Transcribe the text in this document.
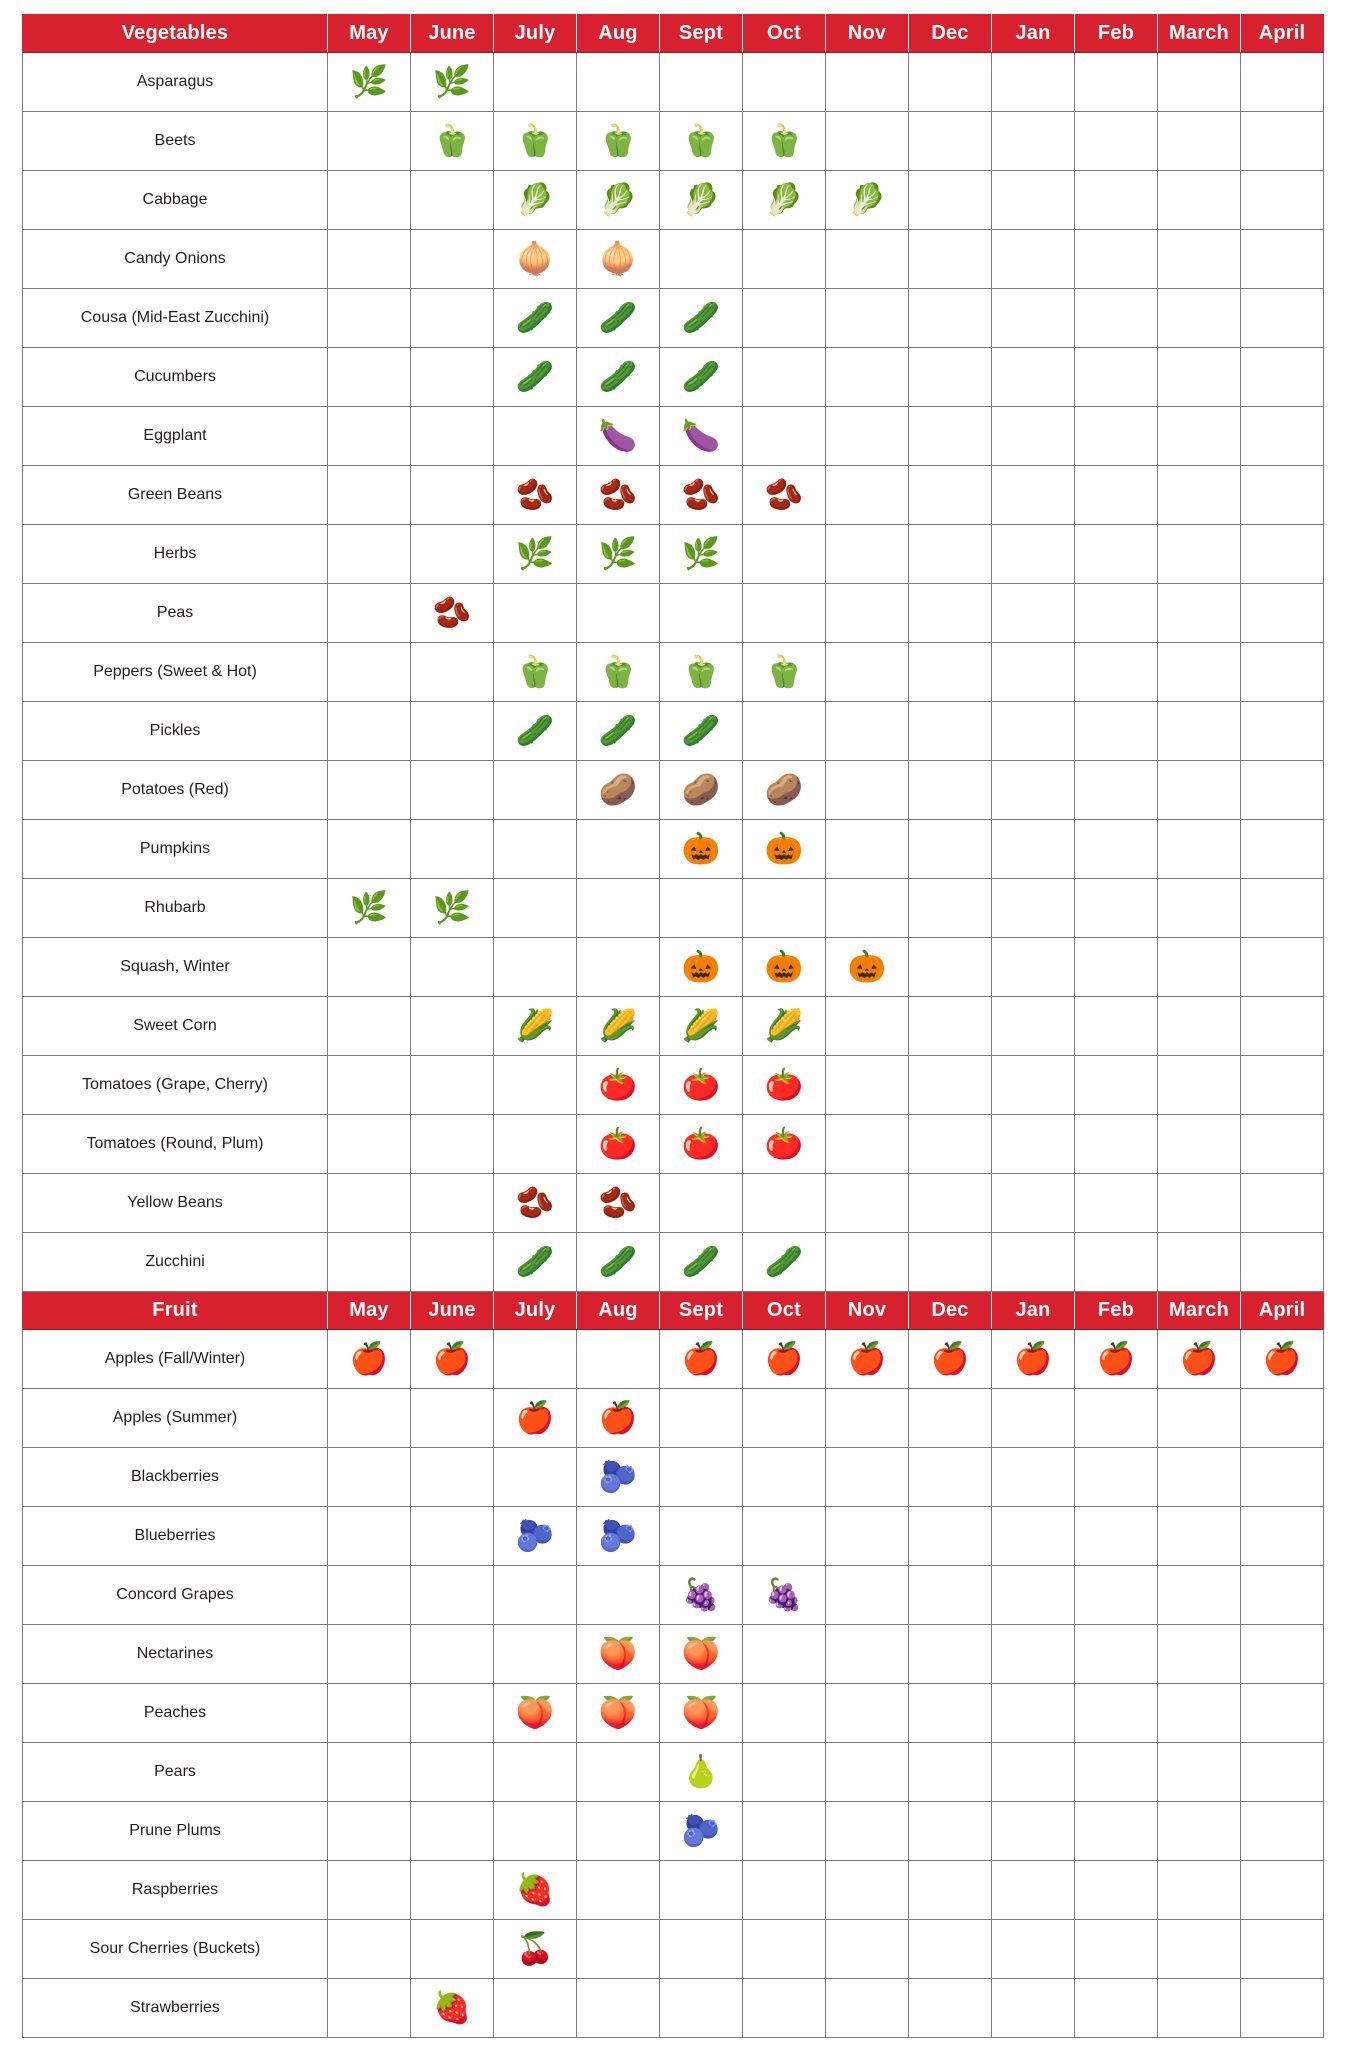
Vegetables	May	June	July	Aug	Sept	Oct	Nov	Dec	Jan	Feb	March	April
Asparagus	🌿	🌿	

Beets		🫑	🫑	🫑	🫑	🫑	

Cabbage			🥬	🥬	🥬	🥬	🥬	

Candy Onions			🧅	🧅	

Cousa (Mid-East Zucchini)			🥒	🥒	🥒	

Cucumbers			🥒	🥒	🥒	

Eggplant				🍆	🍆	

Green Beans			🫘	🫘	🫘	🫘	

Herbs			🌿	🌿	🌿	

Peas		🫘	

Peppers (Sweet & Hot)			🫑	🫑	🫑	🫑	

Pickles			🥒	🥒	🥒	

Potatoes (Red)				🥔	🥔	🥔	

Pumpkins					🎃	🎃	

Rhubarb	🌿	🌿	

Squash, Winter					🎃	🎃	🎃	

Sweet Corn			🌽	🌽	🌽	🌽	

Tomatoes (Grape, Cherry)				🍅	🍅	🍅	

Tomatoes (Round, Plum)				🍅	🍅	🍅	

Yellow Beans			🫘	🫘	

Zucchini			🥒	🥒	🥒	🥒	

Fruit	May	June	July	Aug	Sept	Oct	Nov	Dec	Jan	Feb	March	April
Apples (Fall/Winter)	🍎	🍎			🍎	🍎	🍎	🍎	🍎	🍎	🍎	🍎
Apples (Summer)			🍎	🍎	

Blackberries				🫐	

Blueberries			🫐	🫐	

Concord Grapes					🍇	🍇	

Nectarines				🍑	🍑	

Peaches			🍑	🍑	🍑	

Pears					🍐	

Prune Plums					🫐	

Raspberries			🍓	

Sour Cherries (Buckets)			🍒	

Strawberries		🍓	
